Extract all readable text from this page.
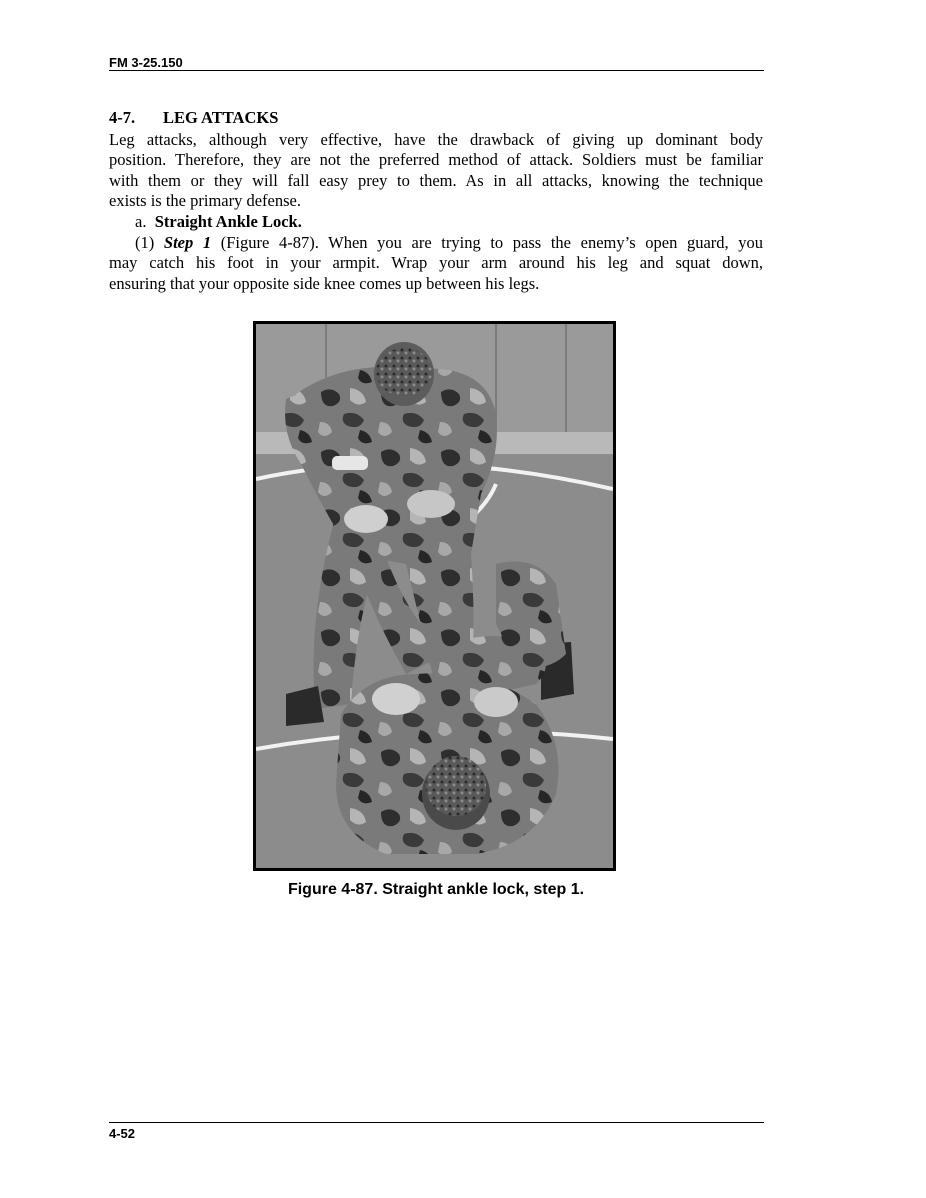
FM 3-25.150
4-7. LEG ATTACKS

Leg attacks, although very effective, have the drawback of giving up dominant body

position. Therefore, they are not the preferred method of attack. Soldiers must be familiar

with them or they will fall easy prey to them. As in all attacks, knowing the technique

exists is the primary defense.

a. Straight Ankle Lock.

(1) Step 1 (Figure 4-87). When you are trying to pass the enemy’s open guard, you

may catch his foot in your armpit. Wrap your arm around his leg and squat down,

ensuring that your opposite side knee comes up between his legs.

Figure 4-87. Straight ankle lock, step 1.
4-52
